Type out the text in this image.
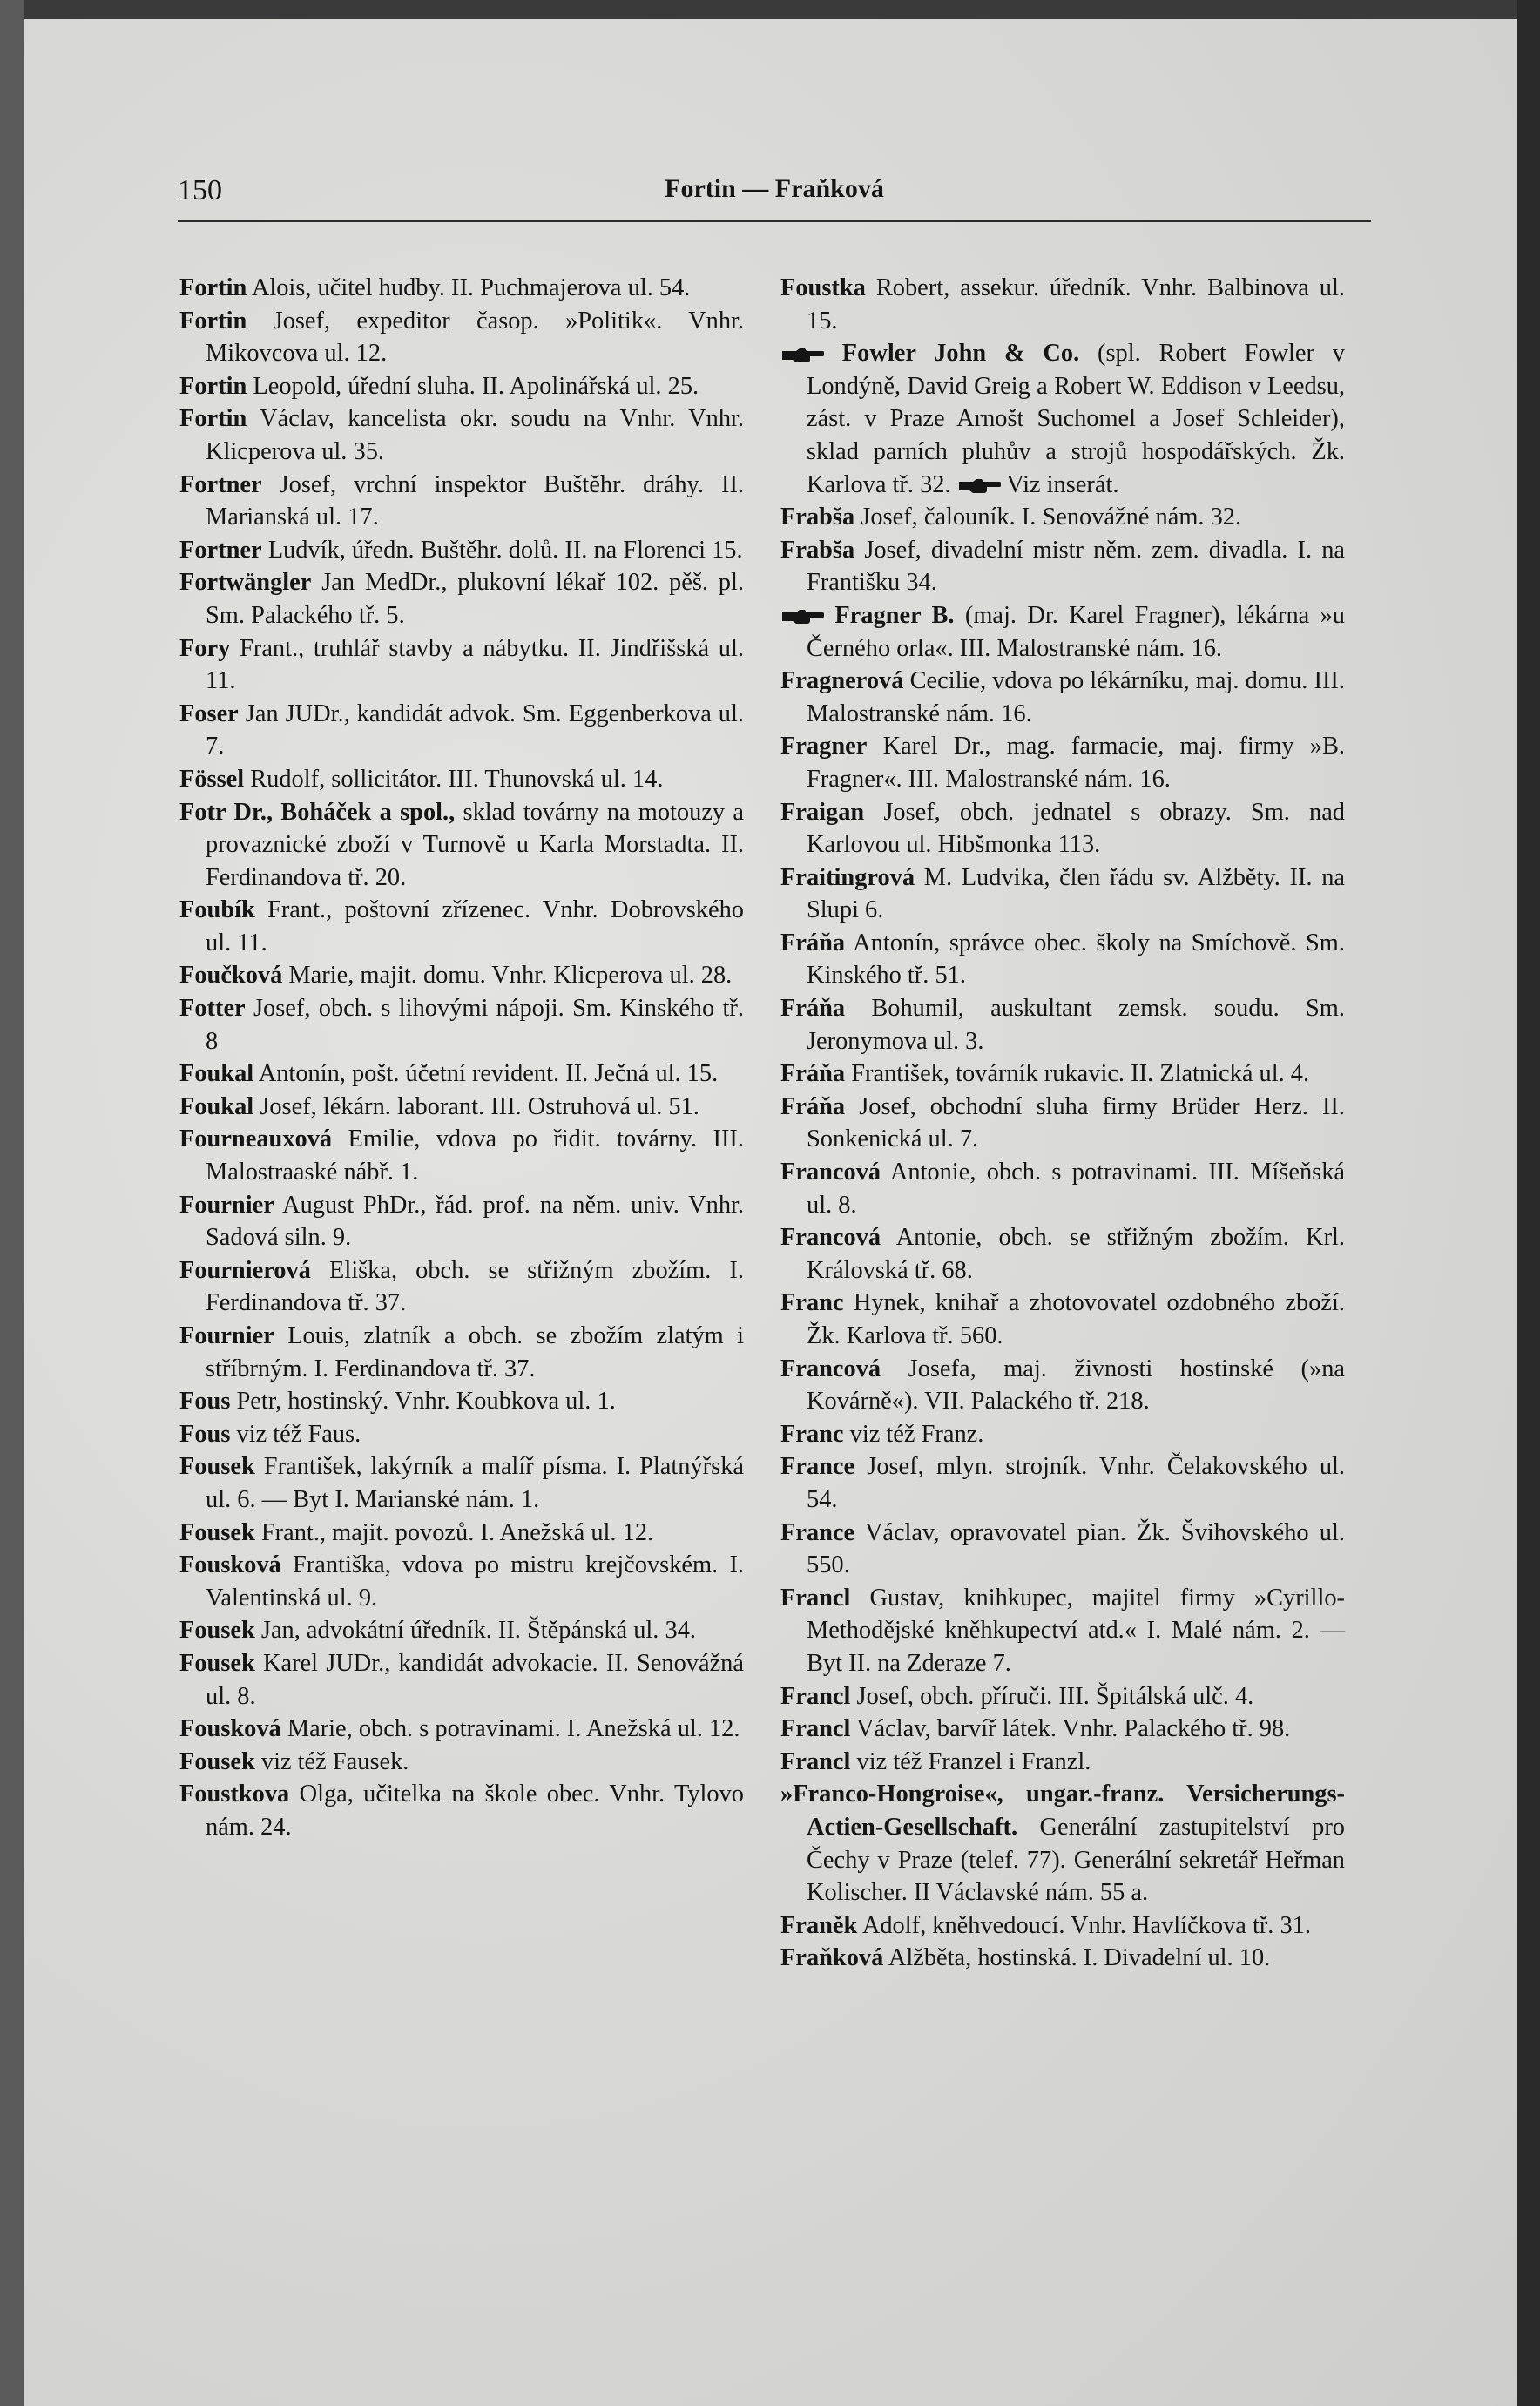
150	Fortin — Fraňková

Fortin Alois, učitel hudby. II. Puchmajerova ul. 54.

Fortin Josef, expeditor časop. »Politik«. Vnhr. Mikovcova ul. 12.

Fortin Leopold, úřední sluha. II. Apolinářská ul. 25.

Fortin Václav, kancelista okr. soudu na Vnhr. Vnhr. Klicperova ul. 35.

Fortner Josef, vrchní inspektor Buštěhr. dráhy. II. Marianská ul. 17.

Fortner Ludvík, úředn. Buštěhr. dolů. II. na Florenci 15.

Fortwängler Jan MedDr., plukovní lékař 102. pěš. pl. Sm. Palackého tř. 5.

Fory Frant., truhlář stavby a nábytku. II. Jindřišská ul. 11.

Foser Jan JUDr., kandidát advok. Sm. Eggenberkova ul. 7.

Fössel Rudolf, sollicitátor. III. Thunovská ul. 14.

Fotr Dr., Boháček a spol., sklad továrny na motouzy a provaznické zboží v Turnově u Karla Morstadta. II. Ferdinandova tř. 20.

Foubík Frant., poštovní zřízenec. Vnhr. Dobrovského ul. 11.

Foučková Marie, majit. domu. Vnhr. Klicperova ul. 28.

Fotter Josef, obch. s lihovými nápoji. Sm. Kinského tř. 8

Foukal Antonín, pošt. účetní revident. II. Ječná ul. 15.

Foukal Josef, lékárn. laborant. III. Ostruhová ul. 51.

Fourneauxová Emilie, vdova po řidit. továrny. III. Malostraaské nábř. 1.

Fournier August PhDr., řád. prof. na něm. univ. Vnhr. Sadová siln. 9.

Fournierová Eliška, obch. se střižným zbožím. I. Ferdinandova tř. 37.

Fournier Louis, zlatník a obch. se zbožím zlatým i stříbrným. I. Ferdinandova tř. 37.

Fous Petr, hostinský. Vnhr. Koubkova ul. 1.

Fous viz též Faus.

Fousek František, lakýrník a malíř písma. I. Platnýřská ul. 6. — Byt I. Marianské nám. 1.

Fousek Frant., majit. povozů. I. Anežská ul. 12.

Fousková Františka, vdova po mistru krejčovském. I. Valentinská ul. 9.

Fousek Jan, advokátní úředník. II. Štěpánská ul. 34.

Fousek Karel JUDr., kandidát advokacie. II. Senovážná ul. 8.

Fousková Marie, obch. s potravinami. I. Anežská ul. 12.

Fousek viz též Fausek.

Foustkova Olga, učitelka na škole obec. Vnhr. Tylovo nám. 24.

Foustka Robert, assekur. úředník. Vnhr. Balbinova ul. 15.

Fowler John & Co. (spl. Robert Fowler v Londýně, David Greig a Robert W. Eddison v Leedsu, zást. v Praze Arnošt Suchomel a Josef Schleider), sklad parních pluhův a strojů hospodářských. Žk. Karlova tř. 32. Viz inserát.

Frabša Josef, čalouník. I. Senovážné nám. 32.

Frabša Josef, divadelní mistr něm. zem. divadla. I. na Františku 34.

Fragner B. (maj. Dr. Karel Fragner), lékárna »u Černého orla«. III. Malostranské nám. 16.

Fragnerová Cecilie, vdova po lékárníku, maj. domu. III. Malostranské nám. 16.

Fragner Karel Dr., mag. farmacie, maj. firmy »B. Fragner«. III. Malostranské nám. 16.

Fraigan Josef, obch. jednatel s obrazy. Sm. nad Karlovou ul. Hibšmonka 113.

Fraitingrová M. Ludvika, člen řádu sv. Alžběty. II. na Slupi 6.

Fráňa Antonín, správce obec. školy na Smíchově. Sm. Kinského tř. 51.

Fráňa Bohumil, auskultant zemsk. soudu. Sm. Jeronymova ul. 3.

Fráňa František, továrník rukavic. II. Zlatnická ul. 4.

Fráňa Josef, obchodní sluha firmy Brüder Herz. II. Sonkenická ul. 7.

Francová Antonie, obch. s potravinami. III. Míšeňská ul. 8.

Francová Antonie, obch. se střižným zbožím. Krl. Královská tř. 68.

Franc Hynek, knihař a zhotovovatel ozdobného zboží. Žk. Karlova tř. 560.

Francová Josefa, maj. živnosti hostinské (»na Kovárně«). VII. Palackého tř. 218.

Franc viz též Franz.

France Josef, mlyn. strojník. Vnhr. Čelakovského ul. 54.

France Václav, opravovatel pian. Žk. Švihovského ul. 550.

Francl Gustav, knihkupec, majitel firmy »Cyrillo-Methodějské kněhkupectví atd.« I. Malé nám. 2. — Byt II. na Zderaze 7.

Francl Josef, obch. příruči. III. Špitálská ulč. 4.

Francl Václav, barvíř látek. Vnhr. Palackého tř. 98.

Francl viz též Franzel i Franzl.

»Franco-Hongroise«, ungar.-franz. Versicherungs-Actien-Gesellschaft. Generální zastupitelství pro Čechy v Praze (telef. 77). Generální sekretář Heřman Kolischer. II Václavské nám. 55 a.

Franěk Adolf, kněhvedoucí. Vnhr. Havlíčkova tř. 31.

Fraňková Alžběta, hostinská. I. Divadelní ul. 10.
